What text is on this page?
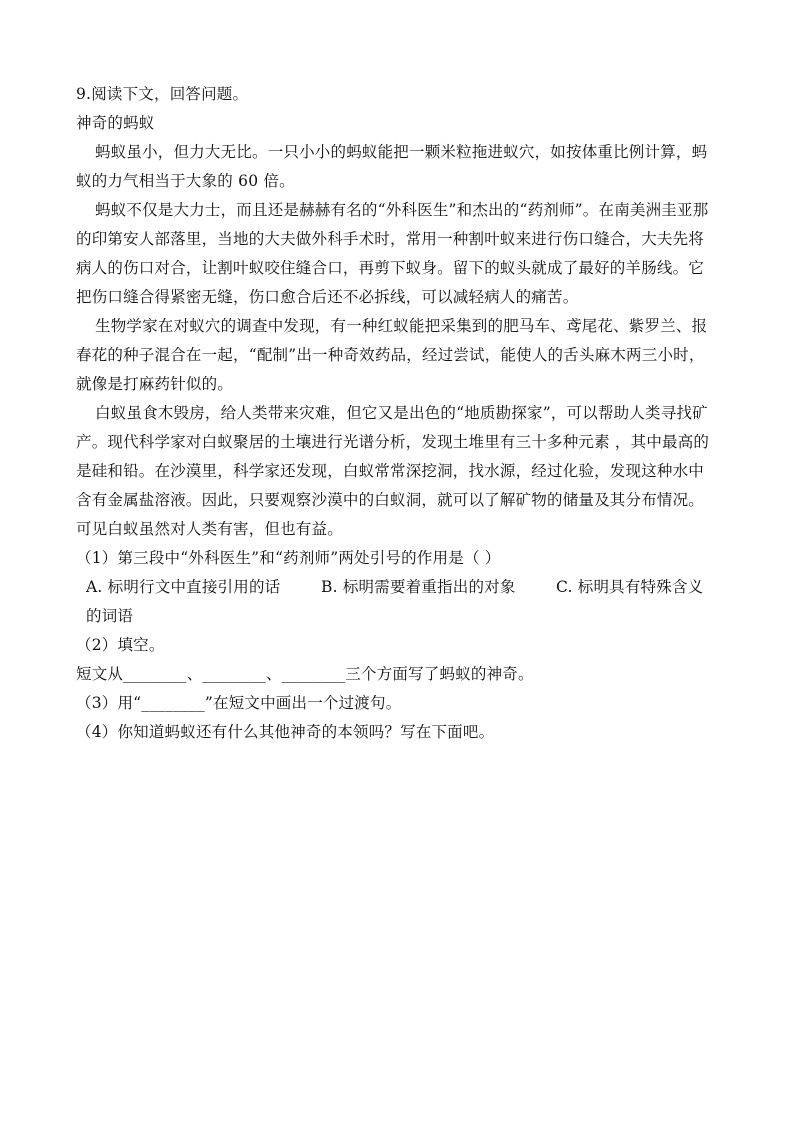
9.阅读下文，回答问题。
神奇的蚂蚁
蚂蚁虽小，但力大无比。一只小小的蚂蚁能把一颗米粒拖进蚁穴，如按体重比例计算，蚂
蚁的力气相当于大象的 60 倍。
蚂蚁不仅是大力士，而且还是赫赫有名的“外科医生”和杰出的“药剂师”。在南美洲圭亚那
的印第安人部落里，当地的大夫做外科手术时，常用一种割叶蚁来进行伤口缝合，大夫先将
病人的伤口对合，让割叶蚁咬住缝合口，再剪下蚁身。留下的蚁头就成了最好的羊肠线。它
把伤口缝合得紧密无缝，伤口愈合后还不必拆线，可以减轻病人的痛苦。
生物学家在对蚁穴的调查中发现，有一种红蚁能把采集到的肥马车、鸢尾花、紫罗兰、报
春花的种子混合在一起，“配制”出一种奇效药品，经过尝试，能使人的舌头麻木两三小时，
就像是打麻药针似的。
白蚁虽食木毁房，给人类带来灾难，但它又是出色的“地质勘探家”，可以帮助人类寻找矿
产。现代科学家对白蚁聚居的土壤进行光谱分析，发现土堆里有三十多种元素 ，其中最高的
是硅和铅。在沙漠里，科学家还发现，白蚁常常深挖洞，找水源，经过化验，发现这种水中
含有金属盐溶液。因此，只要观察沙漠中的白蚁洞，就可以了解矿物的储量及其分布情况。
可见白蚁虽然对人类有害，但也有益。
（1）第三段中“外科医生”和“药剂师”两处引号的作用是（ ）
A. 标明行文中直接引用的话	B. 标明需要着重指出的对象	C. 标明具有特殊含义
的词语
（2）填空。
短文从________、________、________三个方面写了蚂蚁的神奇。
（3）用“________”在短文中画出一个过渡句。
（4）你知道蚂蚁还有什么其他神奇的本领吗？写在下面吧。
